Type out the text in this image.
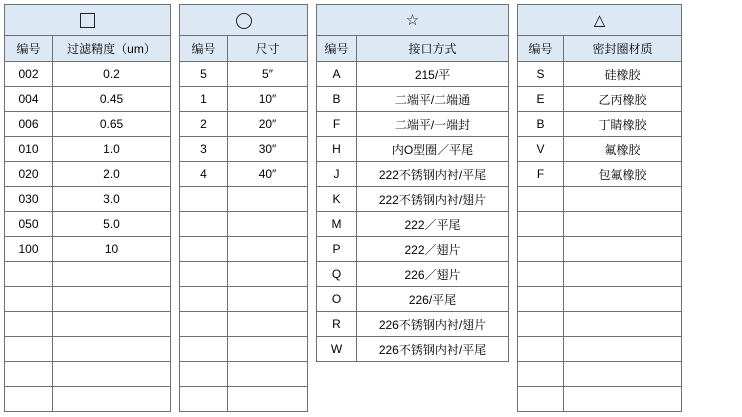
编号	过滤精度（um）
002	0.2
004	0.45
006	0.65
010	1.0
020	2.0
030	3.0
050	5.0
100	10

编号	尺寸
5	5″
1	10″
2	20″
3	30″
4	40″

☆	
编号	接口方式
A	215/平
B	二端平/二端通
F	二端平/一端封
H	内O型圈／平尾
J	222不锈钢内衬/平尾
K	222不锈钢内衬/翅片
M	222／平尾
P	222／翅片
Q	226／翅片
O	226/平尾
R	226不锈钢内衬/翅片
W	226不锈钢内衬/平尾
△	
编号	密封圈材质
S	硅橡胶
E	乙丙橡胶
B	丁睛橡胶
V	氟橡胶
F	包氟橡胶
